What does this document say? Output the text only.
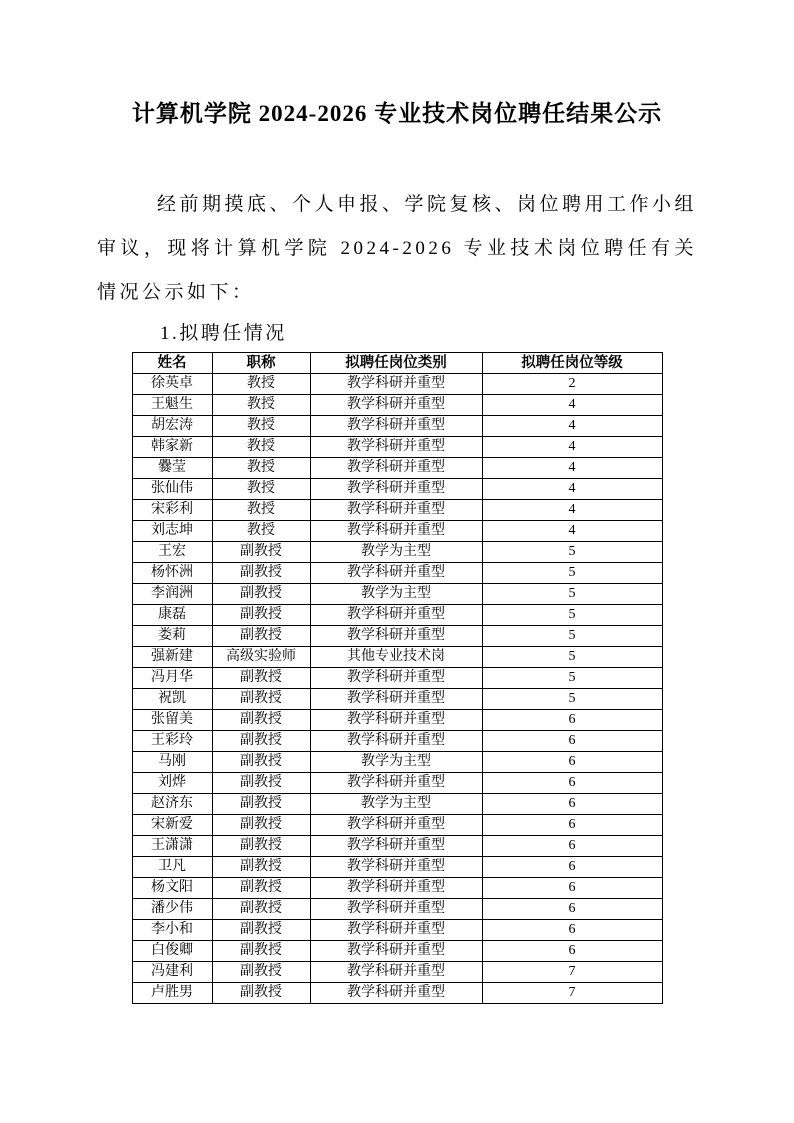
计算机学院 2024-2026 专业技术岗位聘任结果公示

经前期摸底、个人申报、学院复核、岗位聘用工作小组审议，现将计算机学院 2024-2026 专业技术岗位聘任有关情况公示如下：

1.拟聘任情况
姓名	职称	拟聘任岗位类别	拟聘任岗位等级
徐英卓	教授	教学科研并重型	2
王魁生	教授	教学科研并重型	4
胡宏涛	教授	教学科研并重型	4
韩家新	教授	教学科研并重型	4
爨莹	教授	教学科研并重型	4
张仙伟	教授	教学科研并重型	4
宋彩利	教授	教学科研并重型	4
刘志坤	教授	教学科研并重型	4
王宏	副教授	教学为主型	5
杨怀洲	副教授	教学科研并重型	5
李润洲	副教授	教学为主型	5
康磊	副教授	教学科研并重型	5
娄莉	副教授	教学科研并重型	5
强新建	高级实验师	其他专业技术岗	5
冯月华	副教授	教学科研并重型	5
祝凯	副教授	教学科研并重型	5
张留美	副教授	教学科研并重型	6
王彩玲	副教授	教学科研并重型	6
马刚	副教授	教学为主型	6
刘烨	副教授	教学科研并重型	6
赵济东	副教授	教学为主型	6
宋新爱	副教授	教学科研并重型	6
王潇潇	副教授	教学科研并重型	6
卫凡	副教授	教学科研并重型	6
杨文阳	副教授	教学科研并重型	6
潘少伟	副教授	教学科研并重型	6
李小和	副教授	教学科研并重型	6
白俊卿	副教授	教学科研并重型	6
冯建利	副教授	教学科研并重型	7
卢胜男	副教授	教学科研并重型	7
